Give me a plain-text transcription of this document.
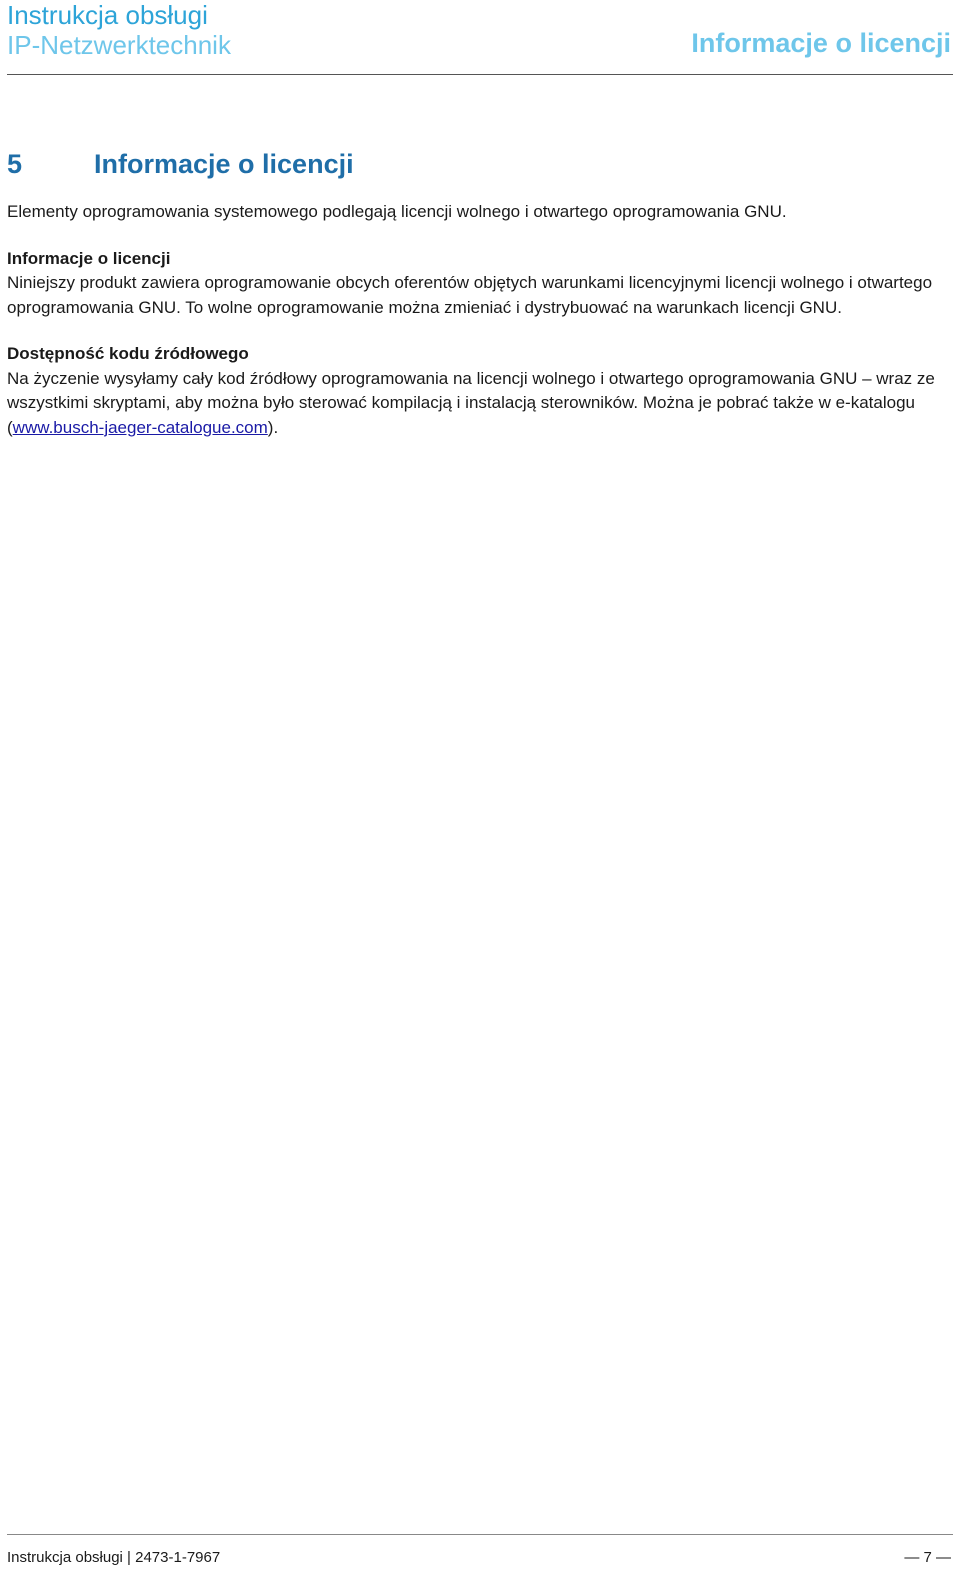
Instrukcja obsługi
IP-Netzwerktechnik	Informacje o licencji
5	Informacje o licencji

Elementy oprogramowania systemowego podlegają licencji wolnego i otwartego oprogramowania GNU.

Informacje o licencji

Niniejszy produkt zawiera oprogramowanie obcych oferentów objętych warunkami licencyjnymi licencji wolnego i otwartego oprogramowania GNU. To wolne oprogramowanie można zmieniać i dystrybuować na warunkach licencji GNU.

Dostępność kodu źródłowego

Na życzenie wysyłamy cały kod źródłowy oprogramowania na licencji wolnego i otwartego oprogramowania GNU – wraz ze wszystkimi skryptami, aby można było sterować kompilacją i instalacją sterowników. Można je pobrać także w e-katalogu (www.busch-jaeger-catalogue.com).

Instrukcja obsługi | 2473-1-7967	— 7 —
